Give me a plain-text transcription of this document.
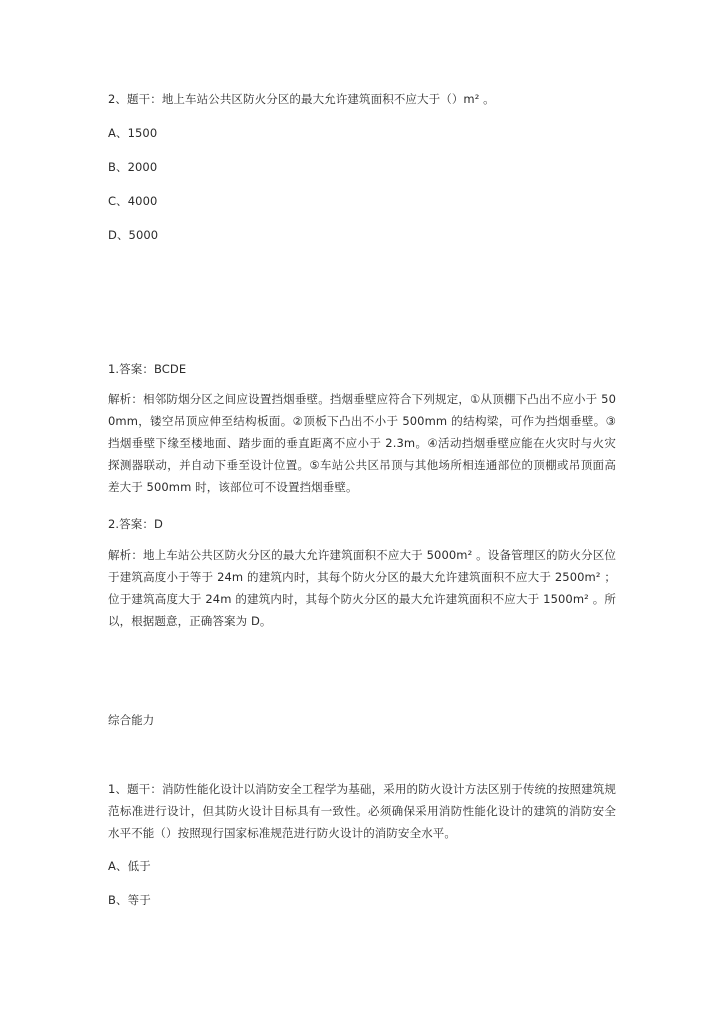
2、题干：地上车站公共区防火分区的最大允许建筑面积不应大于（）m² 。
A、1500
B、2000
C、4000
D、5000
1.答案：BCDE
解析：相邻防烟分区之间应设置挡烟垂壁。挡烟垂壁应符合下列规定，①从顶棚下凸出不应小于 500mm，镂空吊顶应伸至结构板面。②顶板下凸出不小于 500mm 的结构梁，可作为挡烟垂壁。③挡烟垂壁下缘至楼地面、踏步面的垂直距离不应小于 2.3m。④活动挡烟垂壁应能在火灾时与火灾探测器联动，并自动下垂至设计位置。⑤车站公共区吊顶与其他场所相连通部位的顶棚或吊顶面高差大于 500mm 时，该部位可不设置挡烟垂壁。
2.答案：D
解析：地上车站公共区防火分区的最大允许建筑面积不应大于 5000m² 。设备管理区的防火分区位于建筑高度小于等于 24m 的建筑内时，其每个防火分区的最大允许建筑面积不应大于 2500m² ；位于建筑高度大于 24m 的建筑内时，其每个防火分区的最大允许建筑面积不应大于 1500m² 。所以，根据题意，正确答案为 D。
综合能力
1、题干：消防性能化设计以消防安全工程学为基础，采用的防火设计方法区别于传统的按照建筑规范标准进行设计，但其防火设计目标具有一致性。必须确保采用消防性能化设计的建筑的消防安全水平不能（）按照现行国家标准规范进行防火设计的消防安全水平。
A、低于
B、等于
